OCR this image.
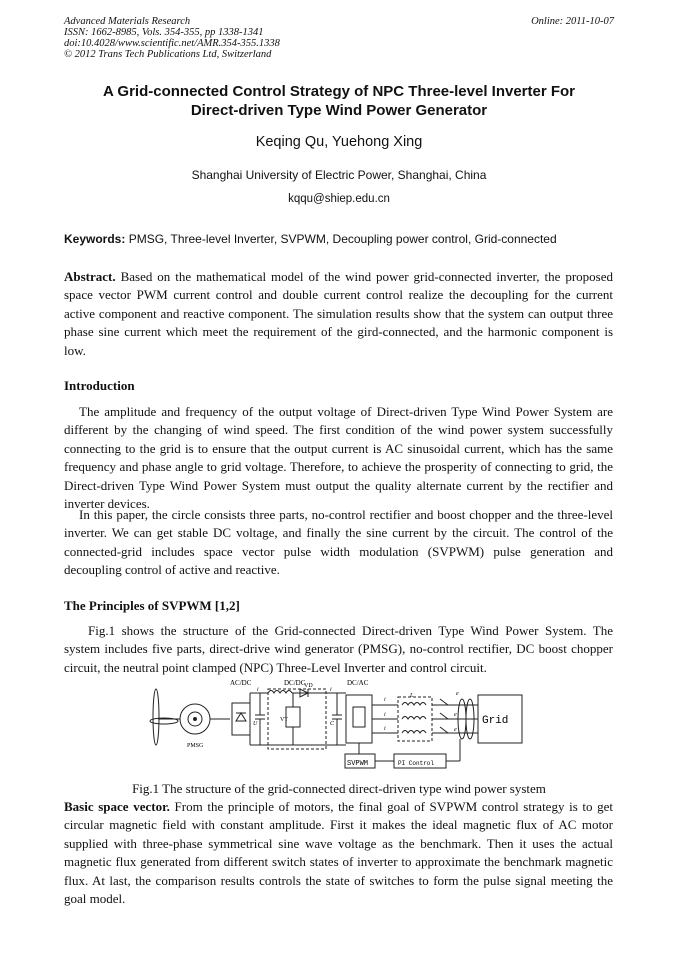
Advanced Materials Research
ISSN: 1662-8985, Vols. 354-355, pp 1338-1341
doi:10.4028/www.scientific.net/AMR.354-355.1338
© 2012 Trans Tech Publications Ltd, Switzerland
Online: 2011-10-07
A Grid-connected Control Strategy of NPC Three-level Inverter For
Direct-driven Type Wind Power Generator
Keqing Qu, Yuehong Xing
Shanghai University of Electric Power, Shanghai, China
kqqu@shiep.edu.cn
Keywords: PMSG, Three-level Inverter, SVPWM, Decoupling power control, Grid-connected
Abstract. Based on the mathematical model of the wind power grid-connected inverter, the proposed space vector PWM current control and double current control realize the decoupling for the current active component and reactive component. The simulation results show that the system can output three phase sine current which meet the requirement of the gird-connected, and the harmonic component is low.
Introduction
The amplitude and frequency of the output voltage of Direct-driven Type Wind Power System are different by the changing of wind speed. The first condition of the wind power system successfully connecting to the grid is to ensure that the output current is AC sinusoidal current, which has the same frequency and phase angle to grid voltage. Therefore, to achieve the prosperity of connecting to grid, the Direct-driven Type Wind Power System must output the quality alternate current by the rectifier and inverter devices.
In this paper, the circle consists three parts, no-control rectifier and boost chopper and the three-level inverter. We can get stable DC voltage, and finally the sine current by the circuit. The control of the connected-grid includes space vector pulse width modulation (SVPWM) pulse generation and decoupling control of active and reactive.
The Principles of SVPWM [1,2]
Fig.1 shows the structure of the Grid-connected Direct-driven Type Wind Power System. The system includes five parts, direct-drive wind generator (PMSG), no-control rectifier, DC boost chopper circuit, the neutral point clamped (NPC) Three-Level Inverter and control circuit.
AC/DC	DC/DC	DC/AC
PMSG
Grid
SVPWM	PI Control
VD
VT
i
U
i
C
i
i
i
L	e
e
e
Fig.1 The structure of the grid-connected direct-driven type wind power system
Basic space vector. From the principle of motors, the final goal of SVPWM control strategy is to get circular magnetic field with constant amplitude. First it makes the ideal magnetic flux of AC motor supplied with three-phase symmetrical sine wave voltage as the benchmark. Then it uses the actual magnetic flux generated from different switch states of inverter to approximate the benchmark magnetic flux. At last, the comparison results controls the state of switches to form the pulse signal meeting the goal model.
